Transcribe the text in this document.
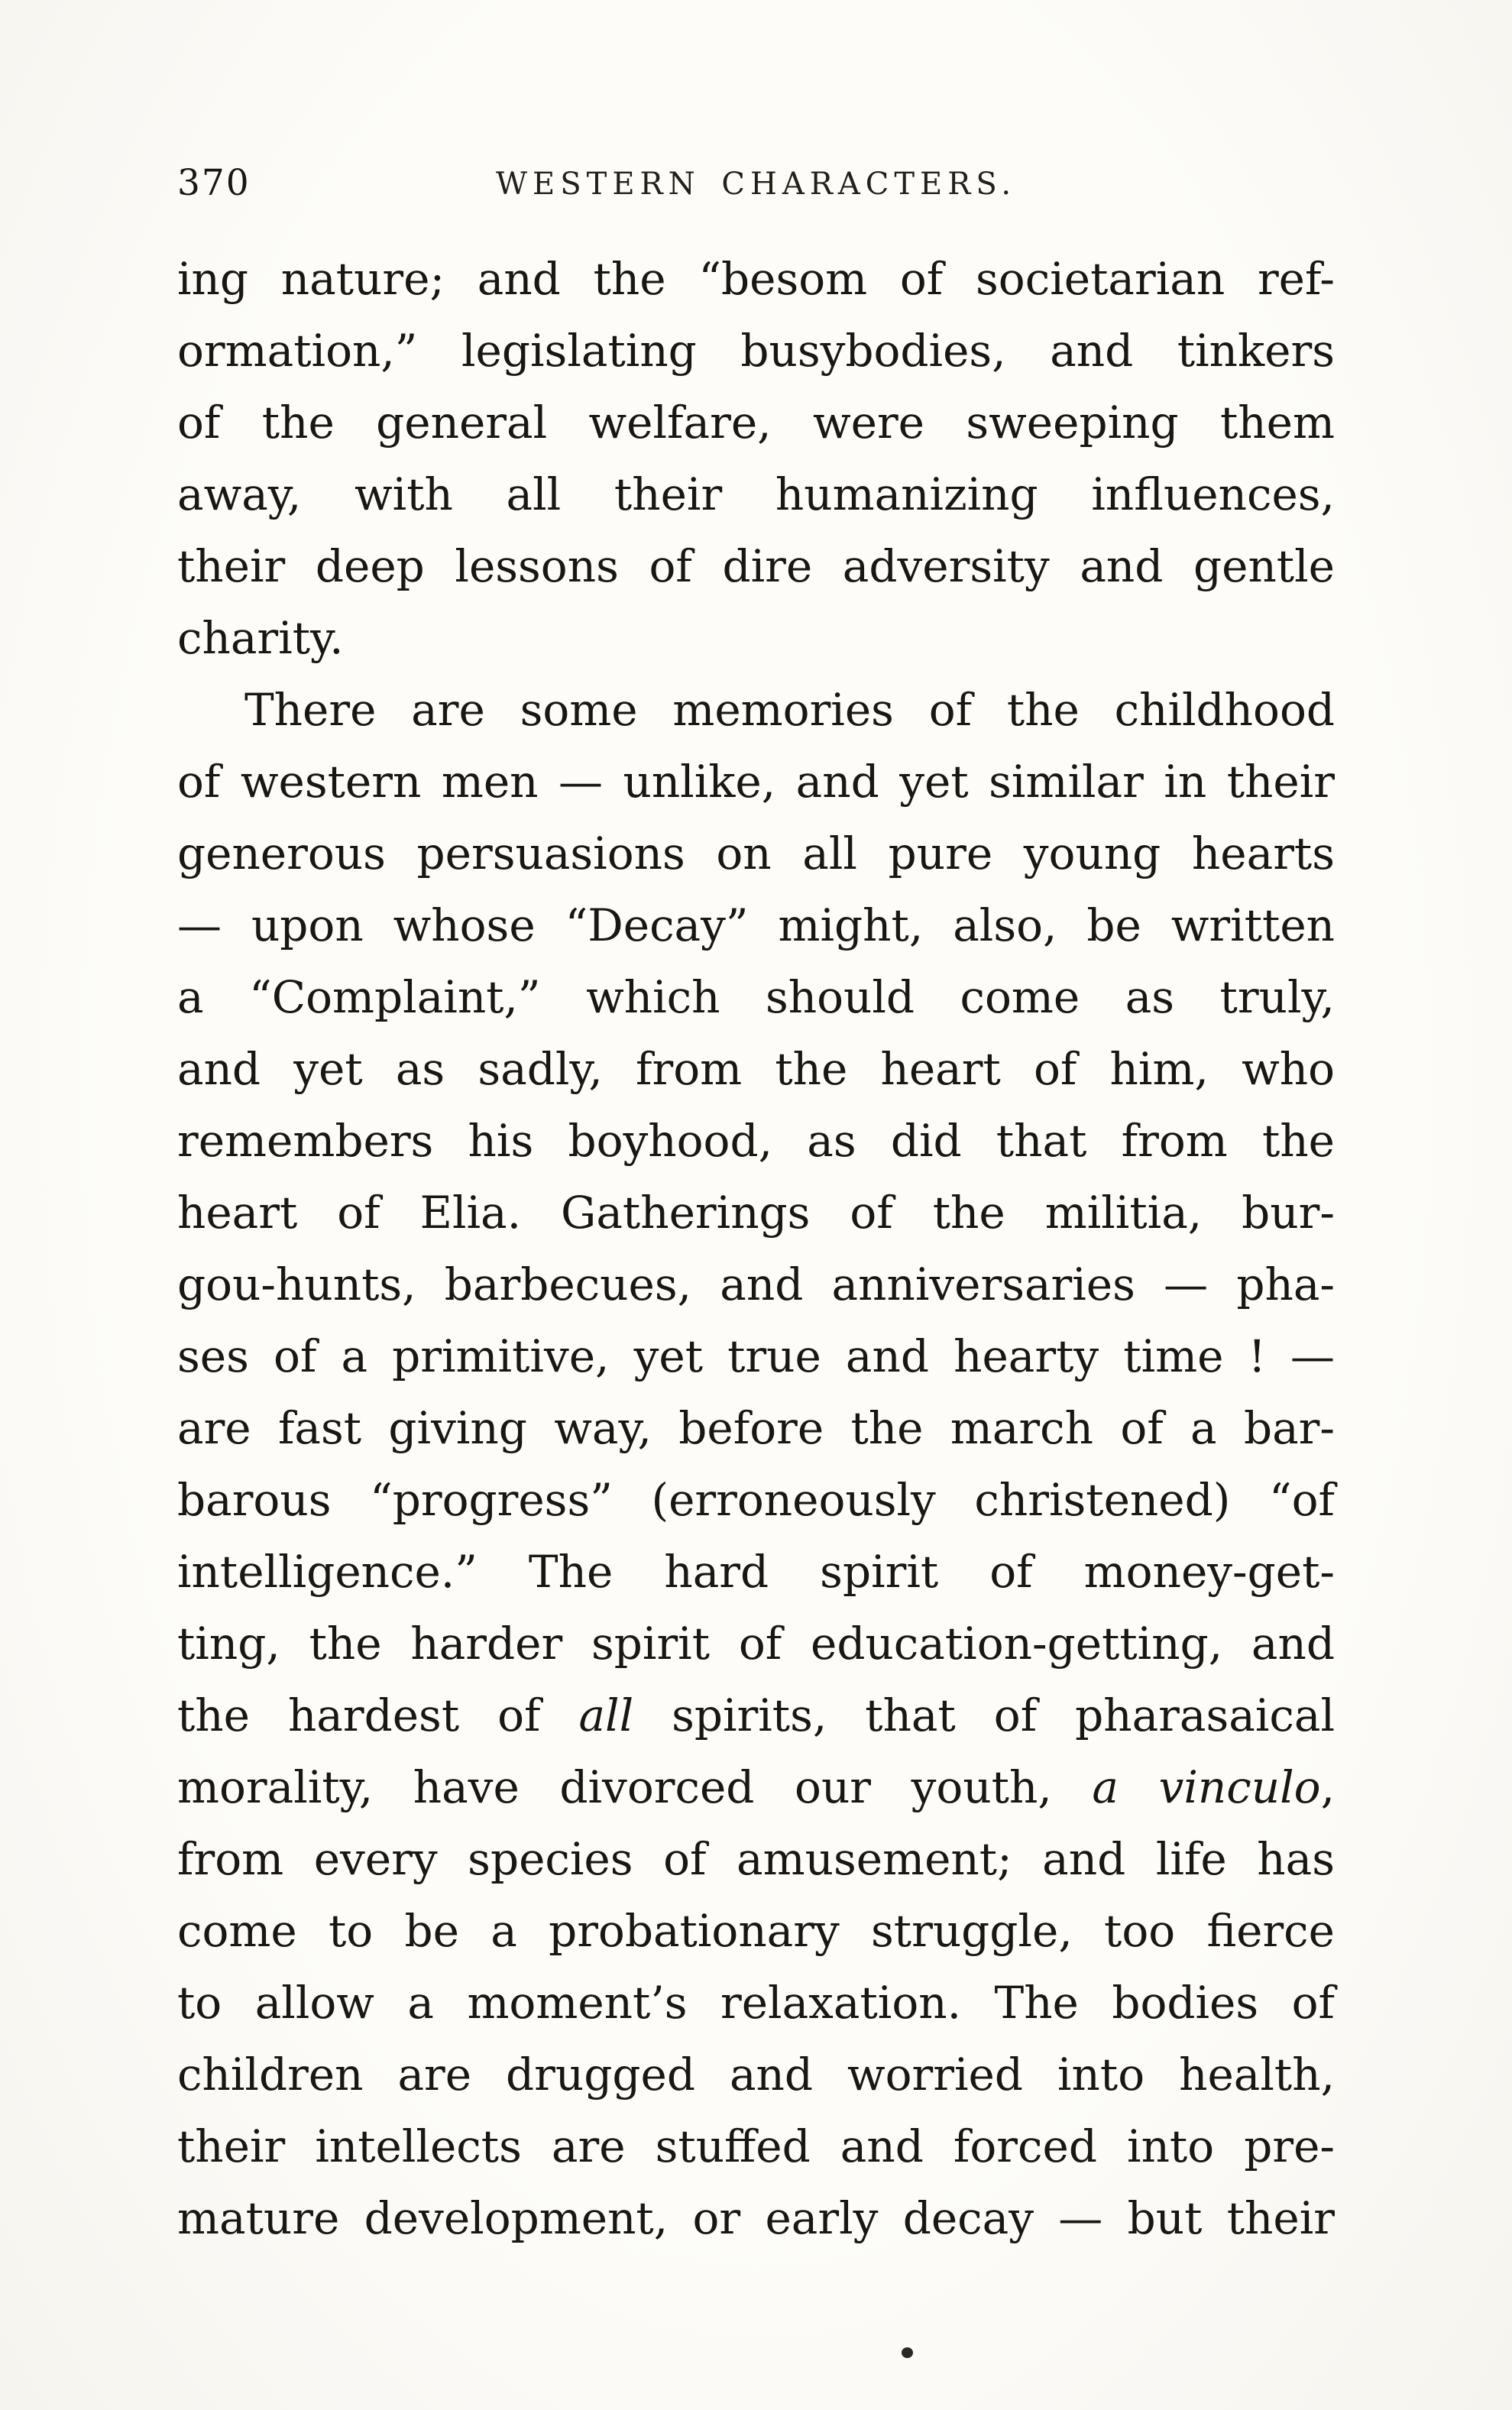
370	WESTERN CHARACTERS.
ing nature; and the “besom of societarian ref-
ormation,” legislating busybodies, and tinkers
of the general welfare, were sweeping them
away, with all their humanizing influences,
their deep lessons of dire adversity and gentle
charity.
There are some memories of the childhood
of western men — unlike, and yet similar in their
generous persuasions on all pure young hearts
— upon whose “Decay” might, also, be written
a “Complaint,” which should come as truly,
and yet as sadly, from the heart of him, who
remembers his boyhood, as did that from the
heart of Elia. Gatherings of the militia, bur-
gou-hunts, barbecues, and anniversaries — pha-
ses of a primitive, yet true and hearty time ! —
are fast giving way, before the march of a bar-
barous “progress” (erroneously christened) “of
intelligence.” The hard spirit of money-get-
ting, the harder spirit of education-getting, and
the hardest of all spirits, that of pharasaical
morality, have divorced our youth, a vinculo,
from every species of amusement; and life has
come to be a probationary struggle, too fierce
to allow a moment’s relaxation. The bodies of
children are drugged and worried into health,
their intellects are stuffed and forced into pre-
mature development, or early decay — but their
